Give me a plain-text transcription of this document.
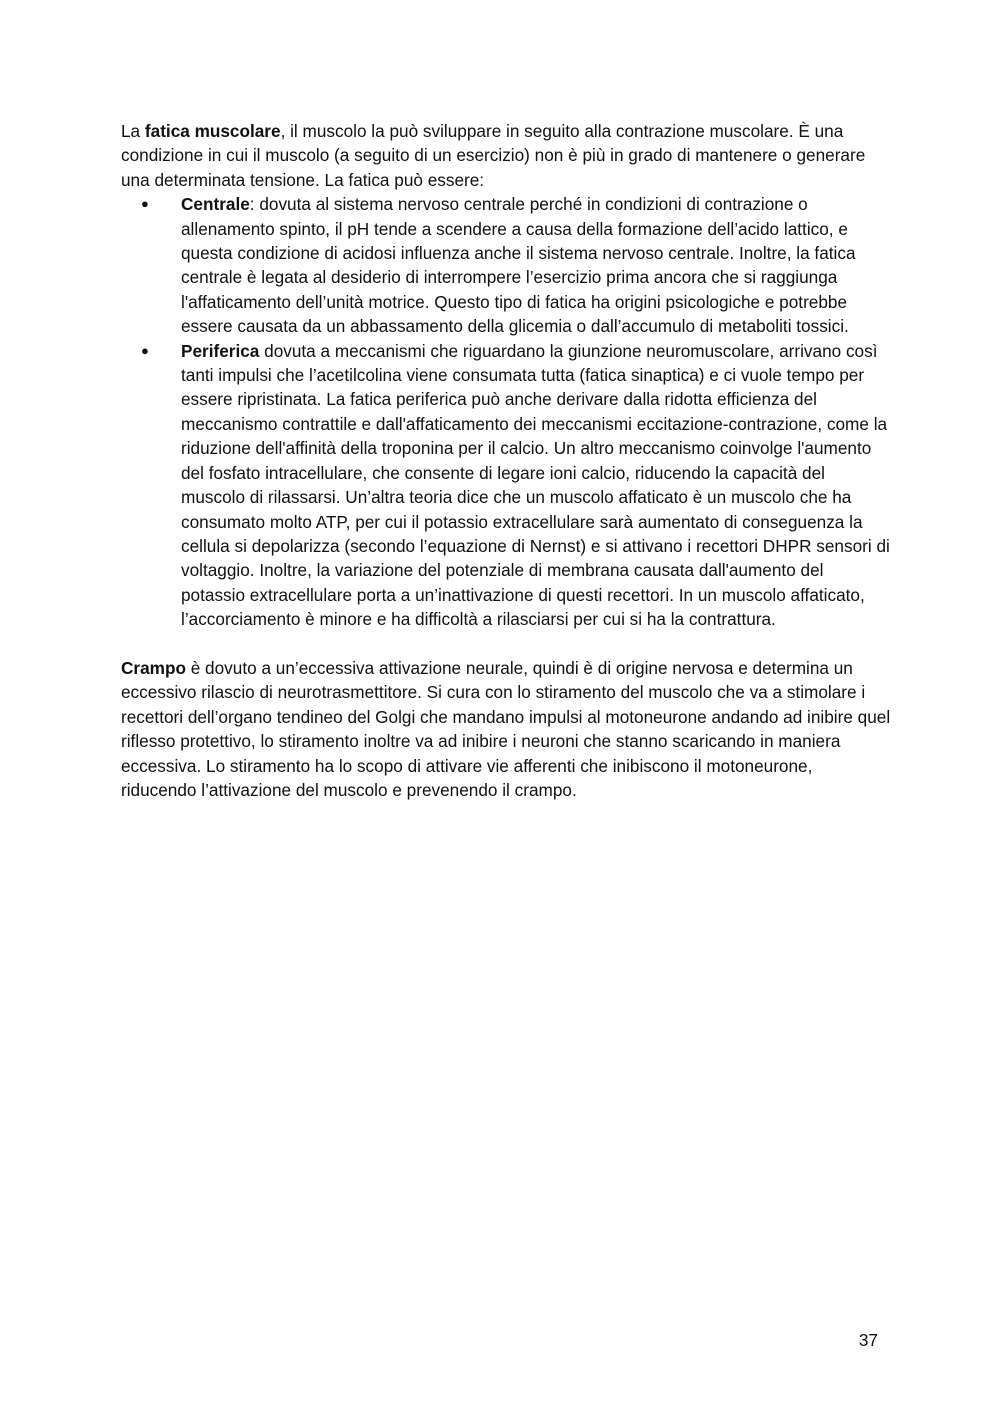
La fatica muscolare, il muscolo la può sviluppare in seguito alla contrazione muscolare. È una condizione in cui il muscolo (a seguito di un esercizio) non è più in grado di mantenere o generare una determinata tensione. La fatica può essere:

● Centrale: dovuta al sistema nervoso centrale perché in condizioni di contrazione o allenamento spinto, il pH tende a scendere a causa della formazione dell’acido lattico, e questa condizione di acidosi influenza anche il sistema nervoso centrale. Inoltre, la fatica centrale è legata al desiderio di interrompere l’esercizio prima ancora che si raggiunga l'affaticamento dell’unità motrice. Questo tipo di fatica ha origini psicologiche e potrebbe essere causata da un abbassamento della glicemia o dall’accumulo di metaboliti tossici.
● Periferica dovuta a meccanismi che riguardano la giunzione neuromuscolare, arrivano così tanti impulsi che l’acetilcolina viene consumata tutta (fatica sinaptica) e ci vuole tempo per essere ripristinata. La fatica periferica può anche derivare dalla ridotta efficienza del meccanismo contrattile e dall'affaticamento dei meccanismi eccitazione-contrazione, come la riduzione dell'affinità della troponina per il calcio. Un altro meccanismo coinvolge l'aumento del fosfato intracellulare, che consente di legare ioni calcio, riducendo la capacità del muscolo di rilassarsi. Un’altra teoria dice che un muscolo affaticato è un muscolo che ha consumato molto ATP, per cui il potassio extracellulare sarà aumentato di conseguenza la cellula si depolarizza (secondo l’equazione di Nernst) e si attivano i recettori DHPR sensori di voltaggio. Inoltre, la variazione del potenziale di membrana causata dall'aumento del potassio extracellulare porta a un’inattivazione di questi recettori. In un muscolo affaticato, l’accorciamento è minore e ha difficoltà a rilasciarsi per cui si ha la contrattura.

Crampo è dovuto a un’eccessiva attivazione neurale, quindi è di origine nervosa e determina un eccessivo rilascio di neurotrasmettitore. Si cura con lo stiramento del muscolo che va a stimolare i recettori dell’organo tendineo del Golgi che mandano impulsi al motoneurone andando ad inibire quel riflesso protettivo, lo stiramento inoltre va ad inibire i neuroni che stanno scaricando in maniera eccessiva. Lo stiramento ha lo scopo di attivare vie afferenti che inibiscono il motoneurone, riducendo l’attivazione del muscolo e prevenendo il crampo.

37
